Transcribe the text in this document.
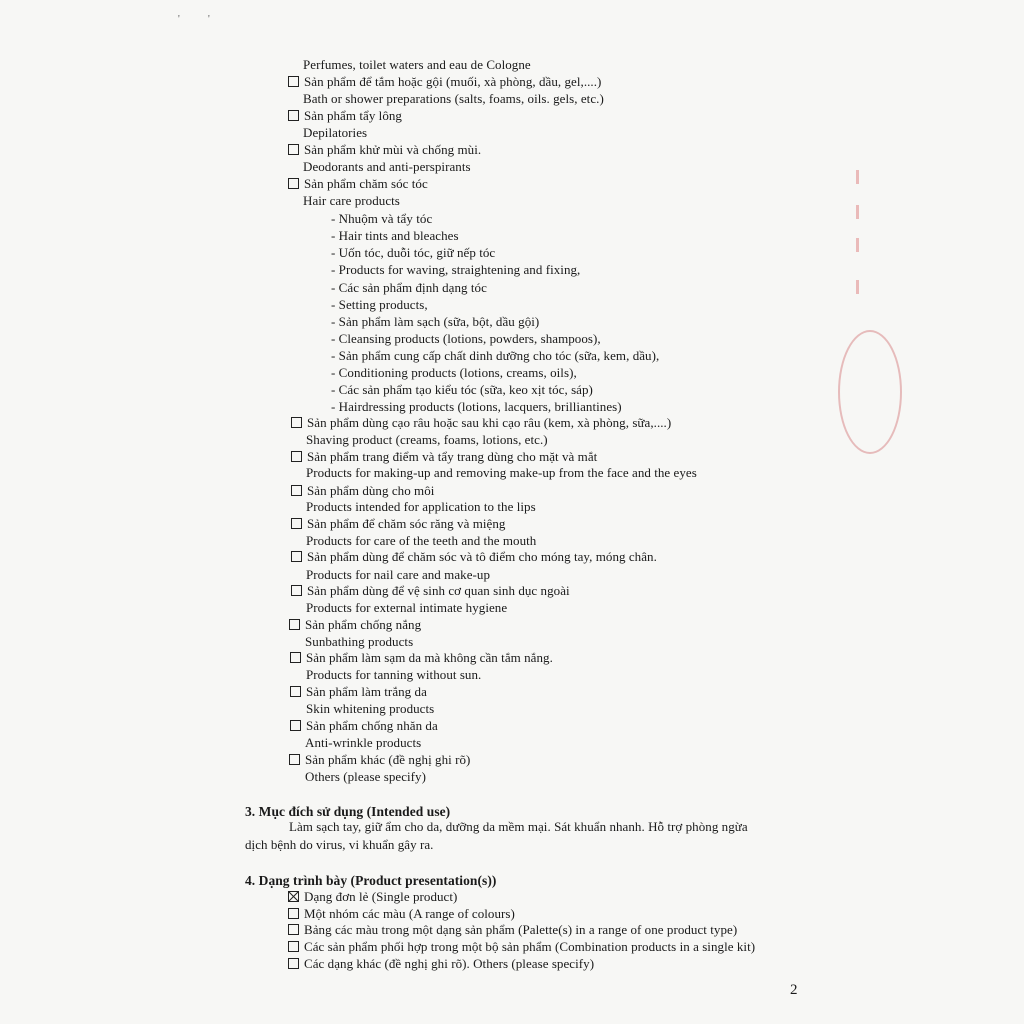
'	'
Perfumes, toilet waters and eau de Cologne
Sản phẩm để tắm hoặc gội (muối, xà phòng, dầu, gel,....)
Bath or shower preparations (salts, foams, oils. gels, etc.)
Sản phẩm tẩy lông
Depilatories
Sản phẩm khử mùi và chống mùi.
Deodorants and anti-perspirants
Sản phẩm chăm sóc tóc
Hair care products
- Nhuộm và tẩy tóc
- Hair tints and bleaches
- Uốn tóc, duỗi tóc, giữ nếp tóc
- Products for waving, straightening and fixing,
- Các sản phẩm định dạng tóc
- Setting products,
- Sản phẩm làm sạch (sữa, bột, dầu gội)
- Cleansing products (lotions, powders, shampoos),
- Sản phẩm cung cấp chất dinh dưỡng cho tóc (sữa, kem, dầu),
- Conditioning products (lotions, creams, oils),
- Các sản phẩm tạo kiểu tóc (sữa, keo xịt tóc, sáp)
- Hairdressing products (lotions, lacquers, brilliantines)
Sản phẩm dùng cạo râu hoặc sau khi cạo râu (kem, xà phòng, sữa,....)
Shaving product (creams, foams, lotions, etc.)
Sản phẩm trang điểm và tẩy trang dùng cho mặt và mắt
Products for making-up and removing make-up from the face and the eyes
Sản phẩm dùng cho môi
Products intended for application to the lips
Sản phẩm để chăm sóc răng và miệng
Products for care of the teeth and the mouth
Sản phẩm dùng để chăm sóc và tô điểm cho móng tay, móng chân.
Products for nail care and make-up
Sản phẩm dùng để vệ sinh cơ quan sinh dục ngoài
Products for external intimate hygiene
Sản phẩm chống nắng
Sunbathing products
Sản phẩm làm sạm da mà không cần tắm nắng.
Products for tanning without sun.
Sản phẩm làm trắng da
Skin whitening products
Sản phẩm chống nhăn da
Anti-wrinkle products
Sản phẩm khác (đề nghị ghi rõ)
Others (please specify)
3. Mục đích sử dụng (Intended use)
Làm sạch tay, giữ ẩm cho da, dưỡng da mềm mại. Sát khuẩn nhanh. Hỗ trợ phòng ngừa
dịch bệnh do virus, vi khuẩn gây ra.
4. Dạng trình bày (Product presentation(s))
Dạng đơn lẻ (Single product)
Một nhóm các màu (A range of colours)
Bảng các màu trong một dạng sản phẩm (Palette(s) in a range of one product type)
Các sản phẩm phối hợp trong một bộ sản phẩm (Combination products in a single kit)
Các dạng khác (đề nghị ghi rõ). Others (please specify)
2
